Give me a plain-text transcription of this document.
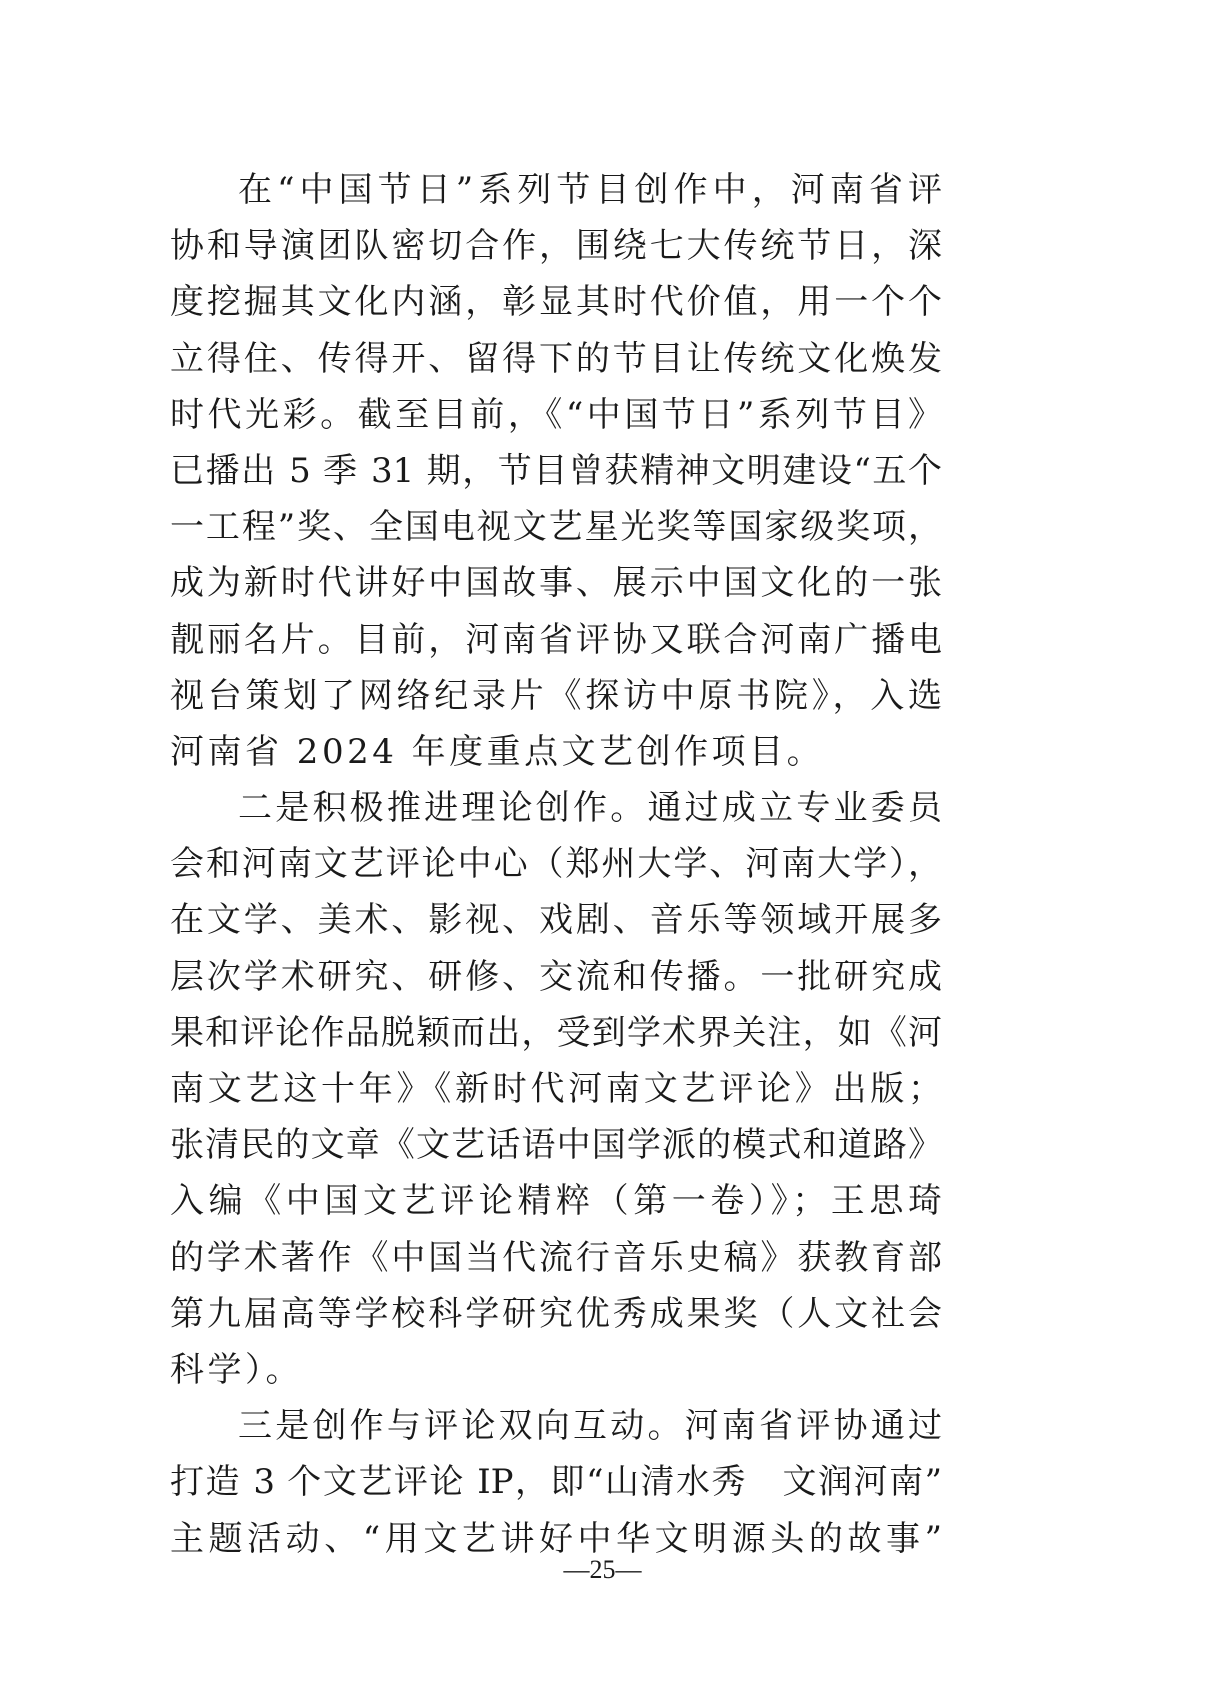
在“中国节日”系列节目创作中，河南省评
协和导演团队密切合作，围绕七大传统节日，深
度挖掘其文化内涵，彰显其时代价值，用一个个
立得住、传得开、留得下的节目让传统文化焕发
时代光彩。截至目前，《“中国节日”系列节目》
已播出 5 季 31 期，节目曾获精神文明建设“五个
一工程”奖、全国电视文艺星光奖等国家级奖项，
成为新时代讲好中国故事、展示中国文化的一张
靓丽名片。目前，河南省评协又联合河南广播电
视台策划了网络纪录片《探访中原书院》，入选
河南省 2024 年度重点文艺创作项目。
二是积极推进理论创作。通过成立专业委员
会和河南文艺评论中心（郑州大学、河南大学），
在文学、美术、影视、戏剧、音乐等领域开展多
层次学术研究、研修、交流和传播。一批研究成
果和评论作品脱颖而出，受到学术界关注，如《河
南文艺这十年》《新时代河南文艺评论》出版；
张清民的文章《文艺话语中国学派的模式和道路》
入编《中国文艺评论精粹（第一卷）》；王思琦
的学术著作《中国当代流行音乐史稿》获教育部
第九届高等学校科学研究优秀成果奖（人文社会
科学）。
三是创作与评论双向互动。河南省评协通过
打造 3 个文艺评论 IP，即“山清水秀　文润河南”
主题活动、“用文艺讲好中华文明源头的故事”
—25—
